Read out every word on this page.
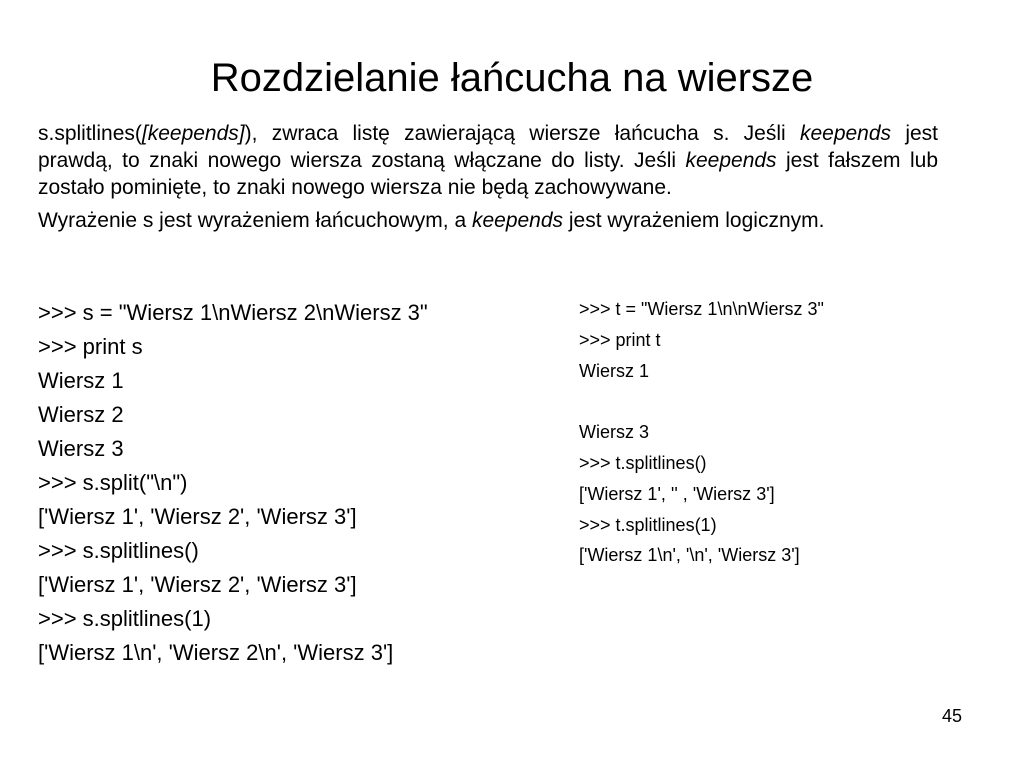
Rozdzielanie łańcucha na wiersze

s.splitlines([keepends]), zwraca listę zawierającą wiersze łańcucha s. Jeśli keepends jest prawdą, to znaki nowego wiersza zostaną włączane do listy. Jeśli keepends jest fałszem lub zostało pominięte, to znaki nowego wiersza nie będą zachowywane.

Wyrażenie s jest wyrażeniem łańcuchowym, a keepends jest wyrażeniem logicznym.

>>> s = "Wiersz 1\nWiersz 2\nWiersz 3"
>>> print s
Wiersz 1
Wiersz 2
Wiersz 3
>>> s.split("\n")
['Wiersz 1', 'Wiersz 2', 'Wiersz 3']
>>> s.splitlines()
['Wiersz 1', 'Wiersz 2', 'Wiersz 3']
>>> s.splitlines(1)
['Wiersz 1\n', 'Wiersz 2\n', 'Wiersz 3']
>>> t = "Wiersz 1\n\nWiersz 3"
>>> print t
Wiersz 1
Wiersz 3
>>> t.splitlines()
['Wiersz 1', '' , 'Wiersz 3']
>>> t.splitlines(1)
['Wiersz 1\n', '\n', 'Wiersz 3']
45
